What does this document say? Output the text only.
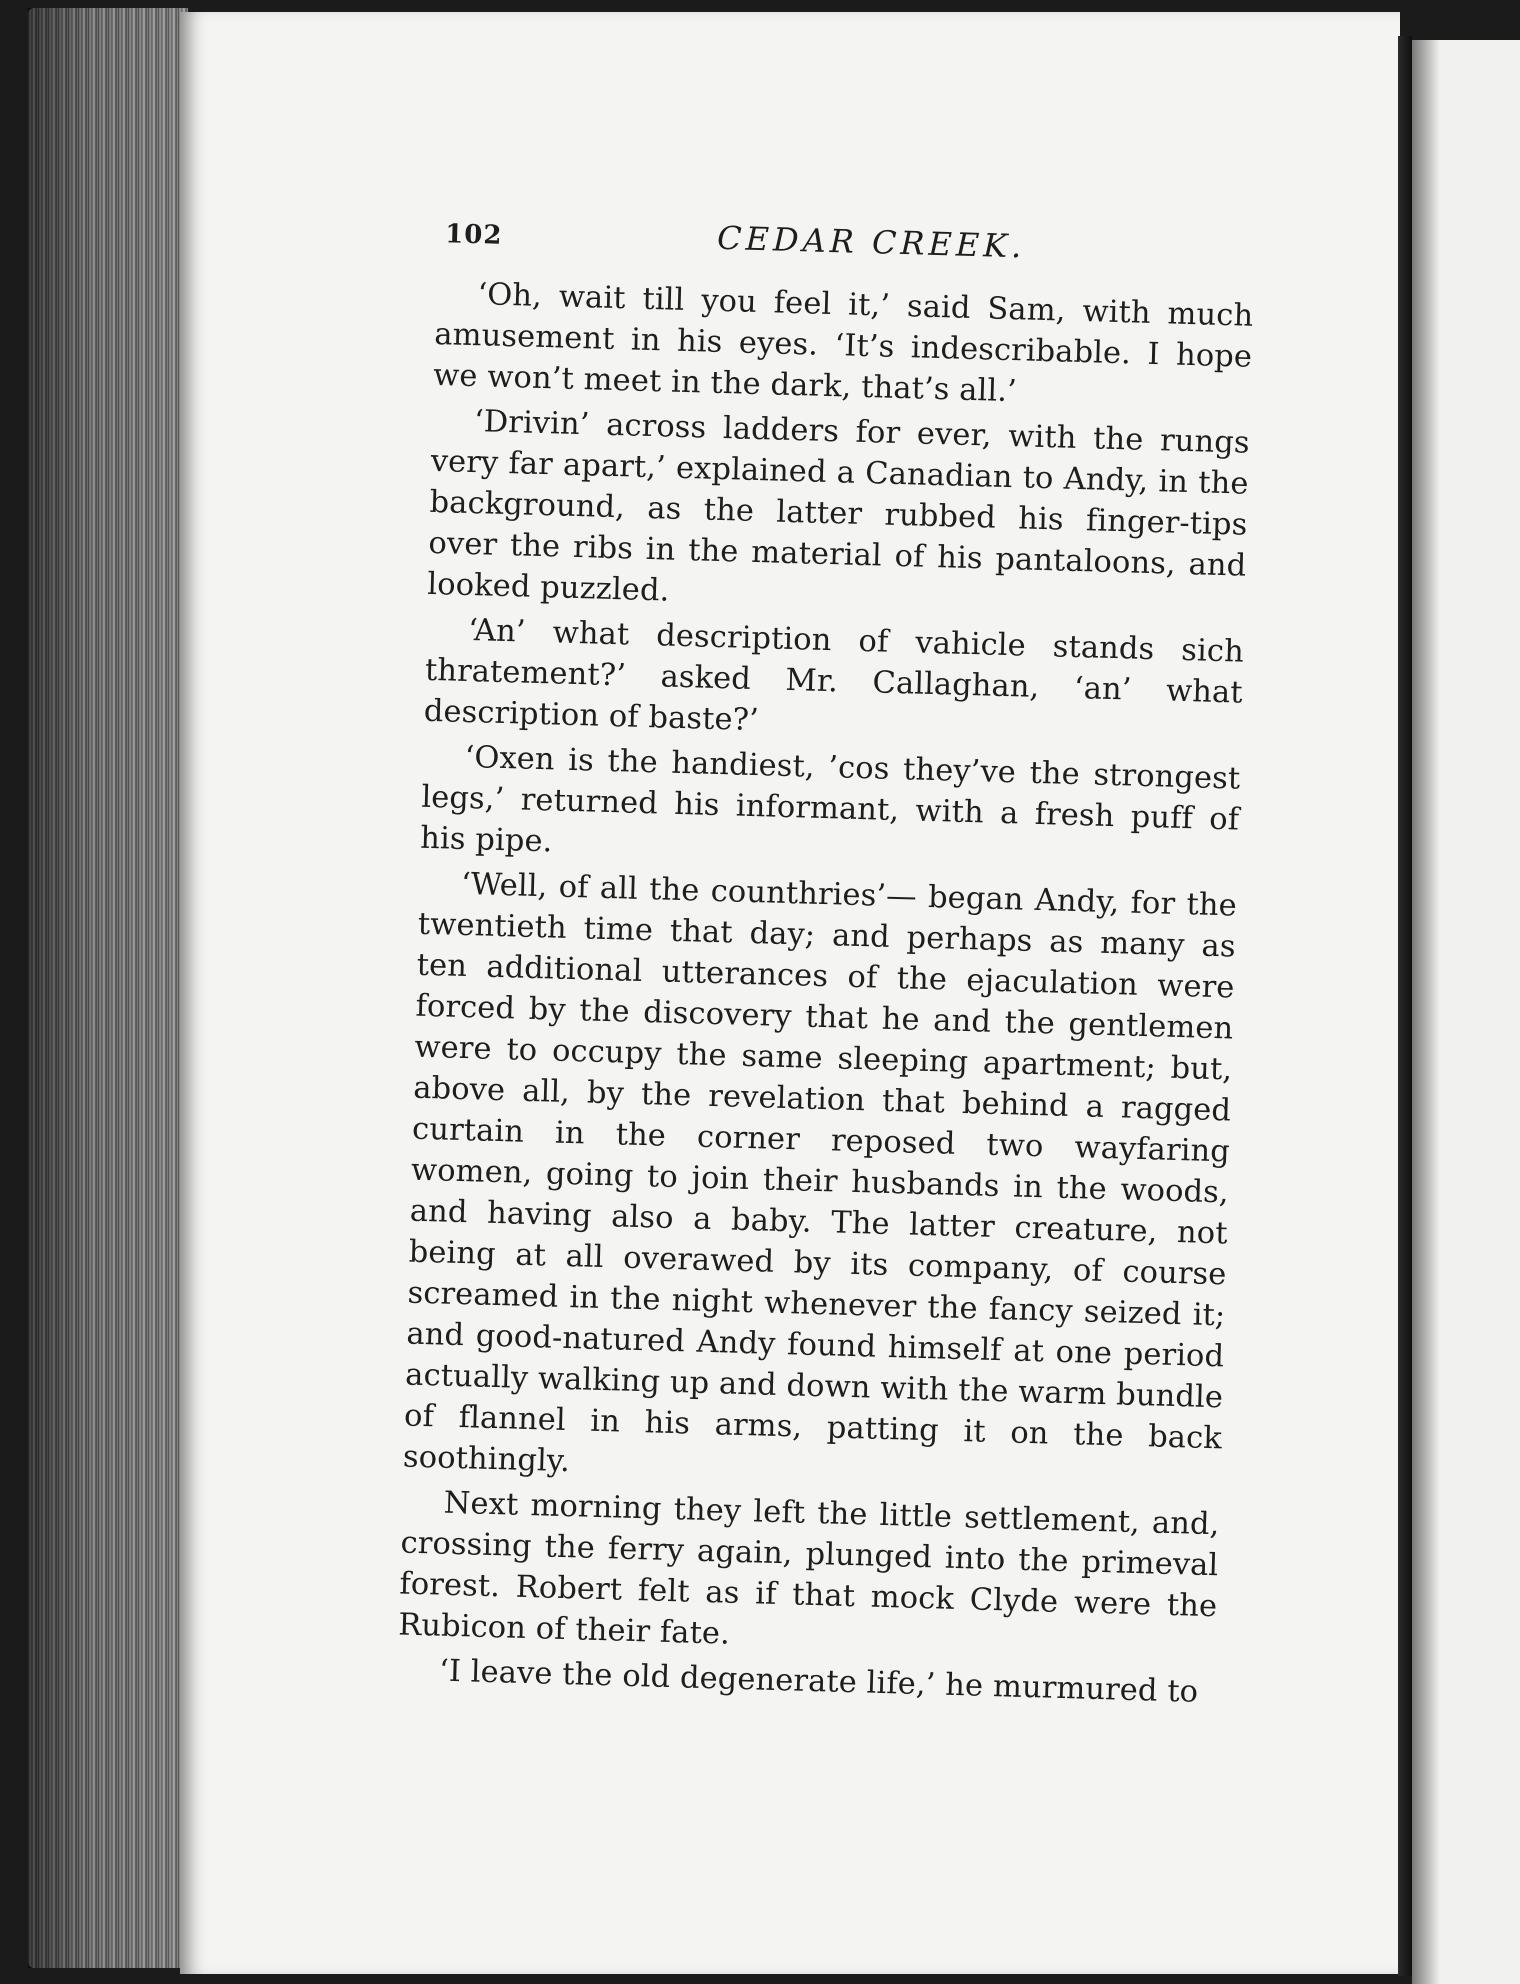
102	CEDAR CREEK.

‘Oh, wait till you feel it,’ said Sam, with much amusement in his eyes. ‘It’s indescribable. I hope we won’t meet in the dark, that’s all.’

‘Drivin’ across ladders for ever, with the rungs very far apart,’ explained a Canadian to Andy, in the background, as the latter rubbed his finger-tips over the ribs in the material of his pantaloons, and looked puzzled.

‘An’ what description of vahicle stands sich thratement?’ asked Mr. Callaghan, ‘an’ what description of baste?’

‘Oxen is the handiest, ’cos they’ve the strongest legs,’ returned his informant, with a fresh puff of his pipe.

‘Well, of all the counthries’— began Andy, for the twentieth time that day; and perhaps as many as ten additional utterances of the ejaculation were forced by the discovery that he and the gentlemen were to occupy the same sleeping apartment; but, above all, by the revelation that behind a ragged curtain in the corner reposed two wayfaring women, going to join their husbands in the woods, and having also a baby. The latter creature, not being at all overawed by its company, of course screamed in the night whenever the fancy seized it; and good-natured Andy found himself at one period actually walking up and down with the warm bundle of flannel in his arms, patting it on the back soothingly.

Next morning they left the little settlement, and, crossing the ferry again, plunged into the primeval forest. Robert felt as if that mock Clyde were the Rubicon of their fate.

‘I leave the old degenerate life,’ he murmured to
